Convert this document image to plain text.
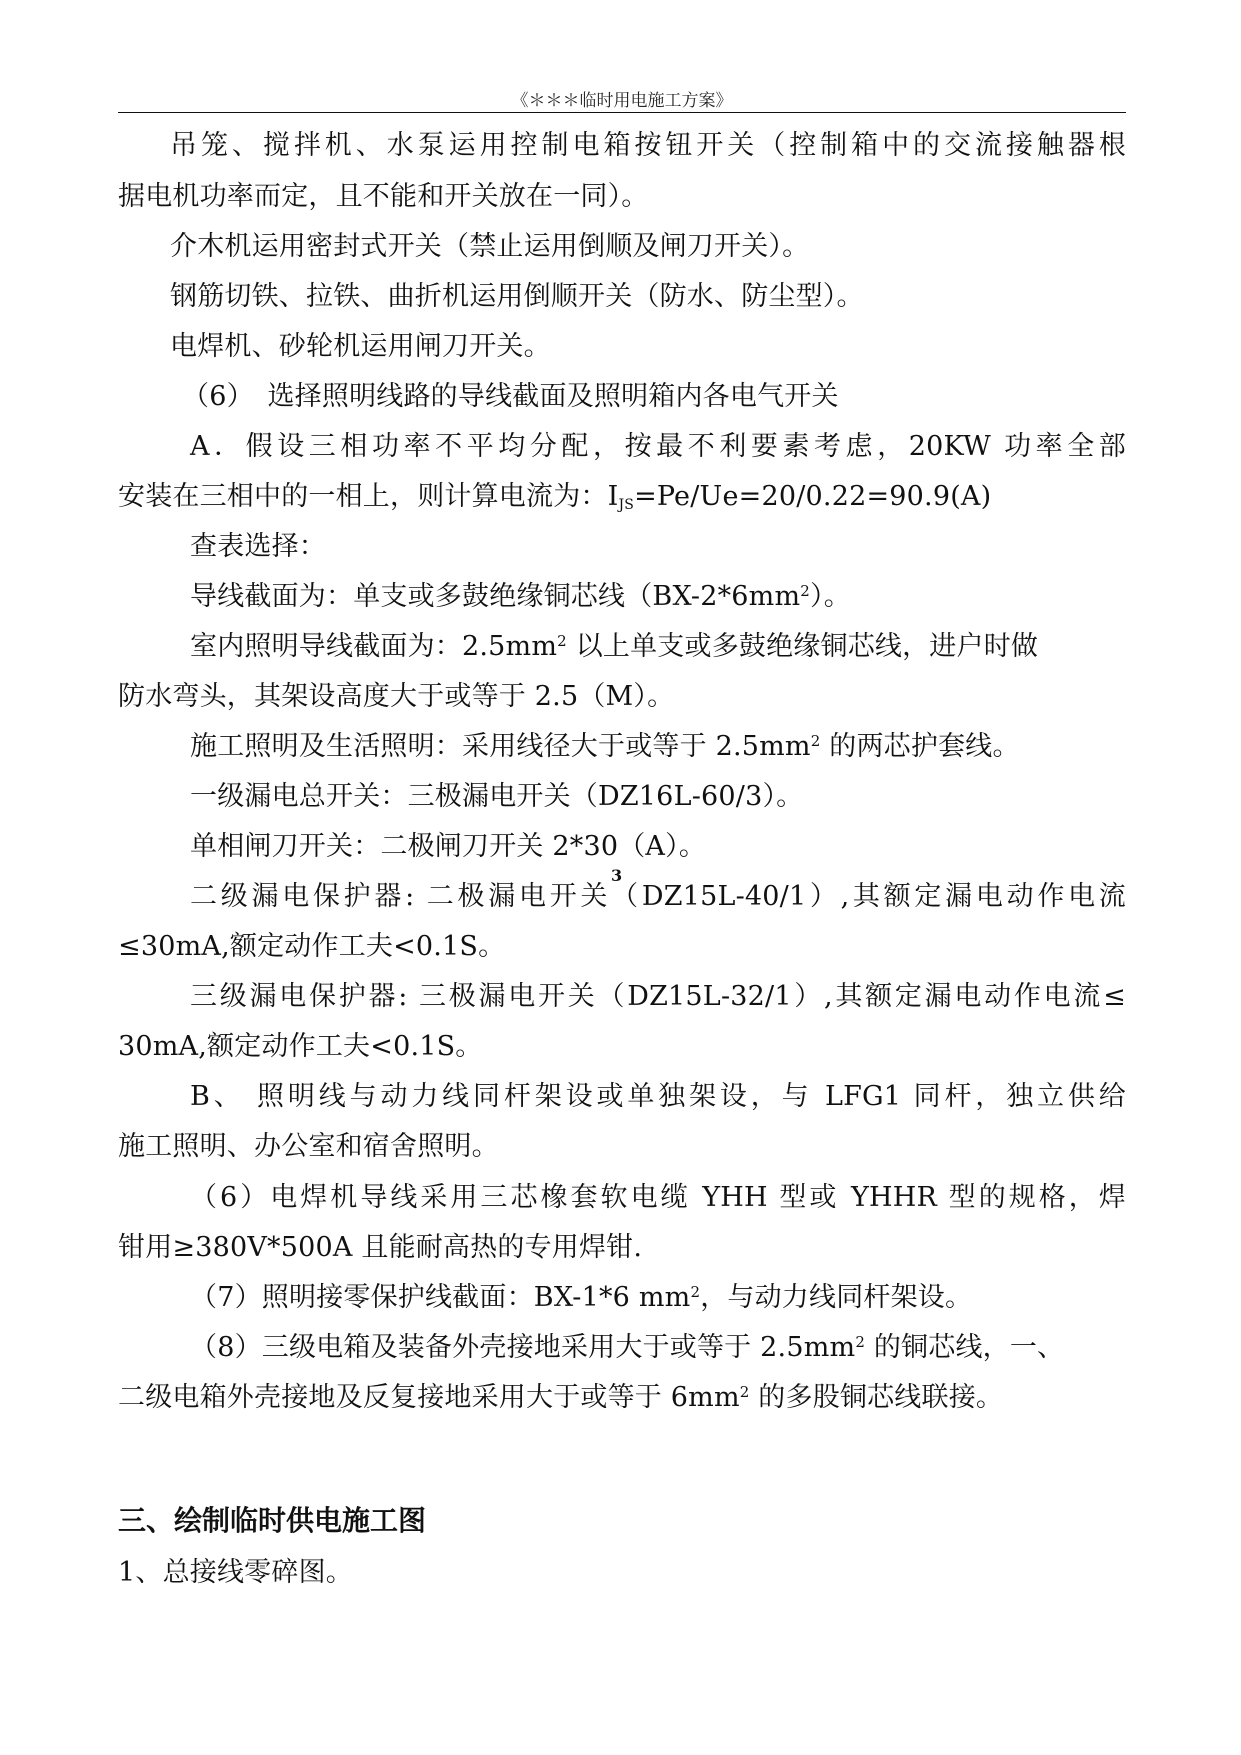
《＊＊＊临时用电施工方案》
吊笼、搅拌机、水泵运用控制电箱按钮开关（控制箱中的交流接触器根
据电机功率而定，且不能和开关放在一同）。
介木机运用密封式开关（禁止运用倒顺及闸刀开关）。
钢筋切铁、拉铁、曲折机运用倒顺开关（防水、防尘型）。
电焊机、砂轮机运用闸刀开关。
（6）　选择照明线路的导线截面及照明箱内各电气开关
A．假设三相功率不平均分配，按最不利要素考虑，20KW 功率全部
安装在三相中的一相上，则计算电流为：$I_{JS}=Pe/Ue=20/0.22=90.9(A)$
查表选择：
导线截面为：单支或多鼓绝缘铜芯线$(BX-2*6mm^2)$。
室内照明导线截面为：$2.5mm^2$ 以上单支或多鼓绝缘铜芯线，进户时做
防水弯头，其架设高度大于或等于 2.5（M）。
施工照明及生活照明：采用线径大于或等于 $2.5mm^2$ 的两芯护套线。
一级漏电总开关：三极漏电开关（DZ16L-60/3）。
单相闸刀开关：二极闸刀开关 2*30（A）。
3
二级漏电保护器: 二极漏电开关（DZ15L-40/1）,其额定漏电动作电流
≤30mA,额定动作工夫<0.1S。
三级漏电保护器: 三极漏电开关（DZ15L-32/1）,其额定漏电动作电流≤
30mA,额定动作工夫<0.1S。
B、 照明线与动力线同杆架设或单独架设，与 LFG1 同杆，独立供给
施工照明、办公室和宿舍照明。
（6）电焊机导线采用三芯橡套软电缆 YHH 型或 YHHR 型的规格，焊
钳用≥380V*500A 且能耐高热的专用焊钳.
（7）照明接零保护线截面：BX-1*6 $mm^2$，与动力线同杆架设。
（8）三级电箱及装备外壳接地采用大于或等于 $2.5mm^2$ 的铜芯线，一、
二级电箱外壳接地及反复接地采用大于或等于 $6mm^2$ 的多股铜芯线联接。
三、绘制临时供电施工图
1、总接线零碎图。
